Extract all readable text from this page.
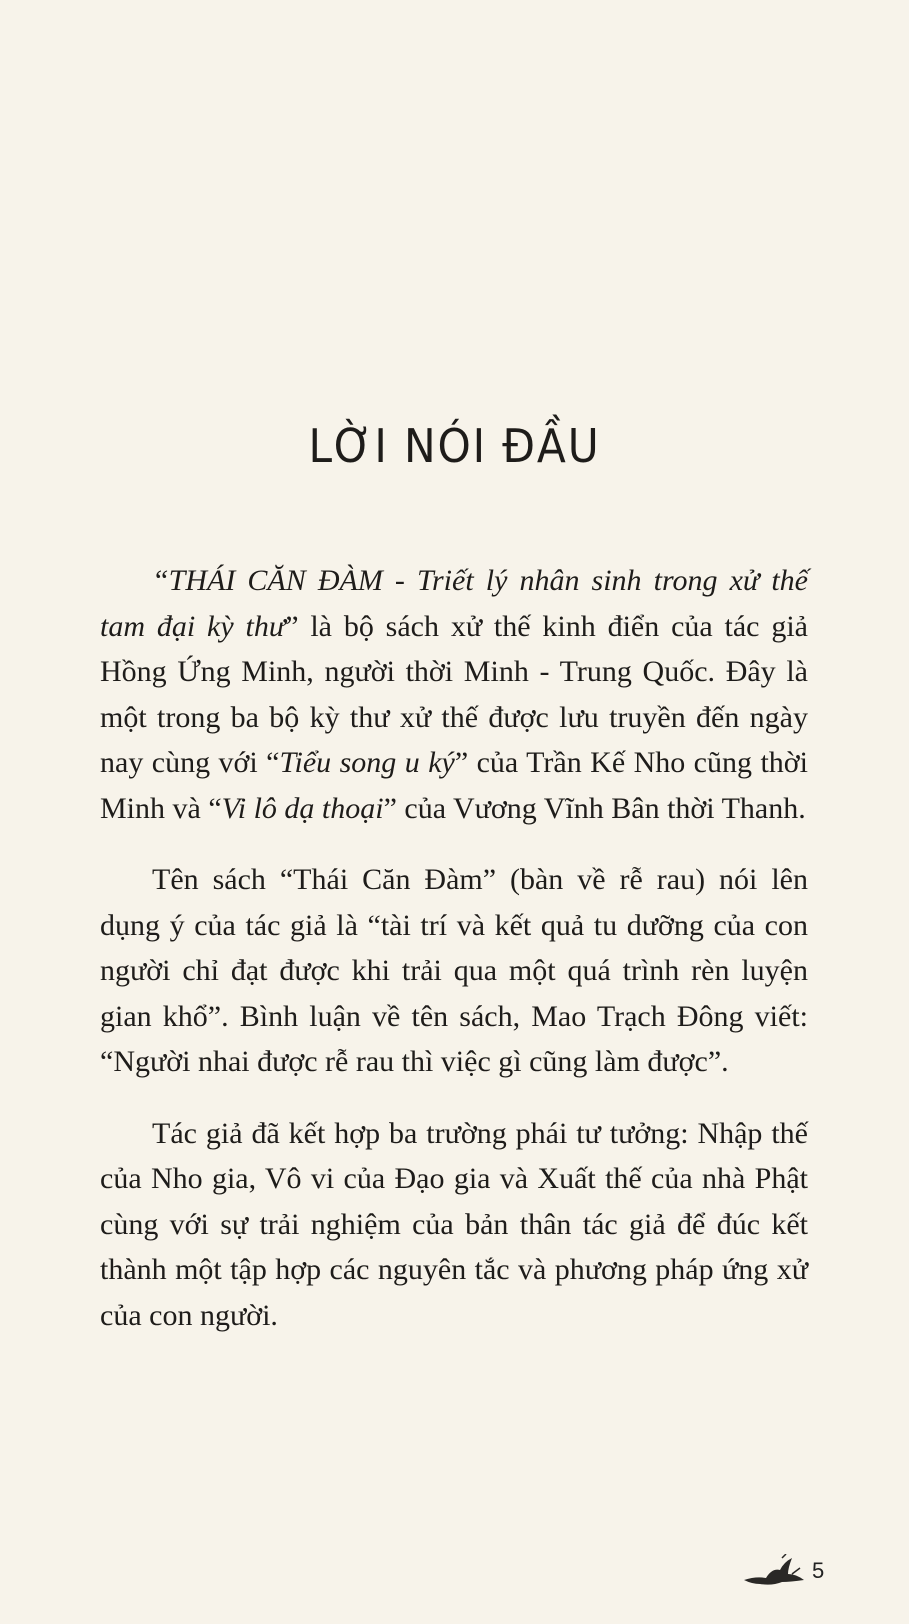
LỜI NÓI ĐẦU

“THÁI CĂN ĐÀM - Triết lý nhân sinh trong xử thế tam đại kỳ thư” là bộ sách xử thế kinh điển của tác giả Hồng Ứng Minh, người thời Minh - Trung Quốc. Đây là một trong ba bộ kỳ thư xử thế được lưu truyền đến ngày nay cùng với “Tiểu song u ký” của Trần Kế Nho cũng thời Minh và “Vi lô dạ thoại” của Vương Vĩnh Bân thời Thanh.

Tên sách “Thái Căn Đàm” (bàn về rễ rau) nói lên dụng ý của tác giả là “tài trí và kết quả tu dưỡng của con người chỉ đạt được khi trải qua một quá trình rèn luyện gian khổ”. Bình luận về tên sách, Mao Trạch Đông viết: “Người nhai được rễ rau thì việc gì cũng làm được”.

Tác giả đã kết hợp ba trường phái tư tưởng: Nhập thế của Nho gia, Vô vi của Đạo gia và Xuất thế của nhà Phật cùng với sự trải nghiệm của bản thân tác giả để đúc kết thành một tập hợp các nguyên tắc và phương pháp ứng xử của con người.

5
